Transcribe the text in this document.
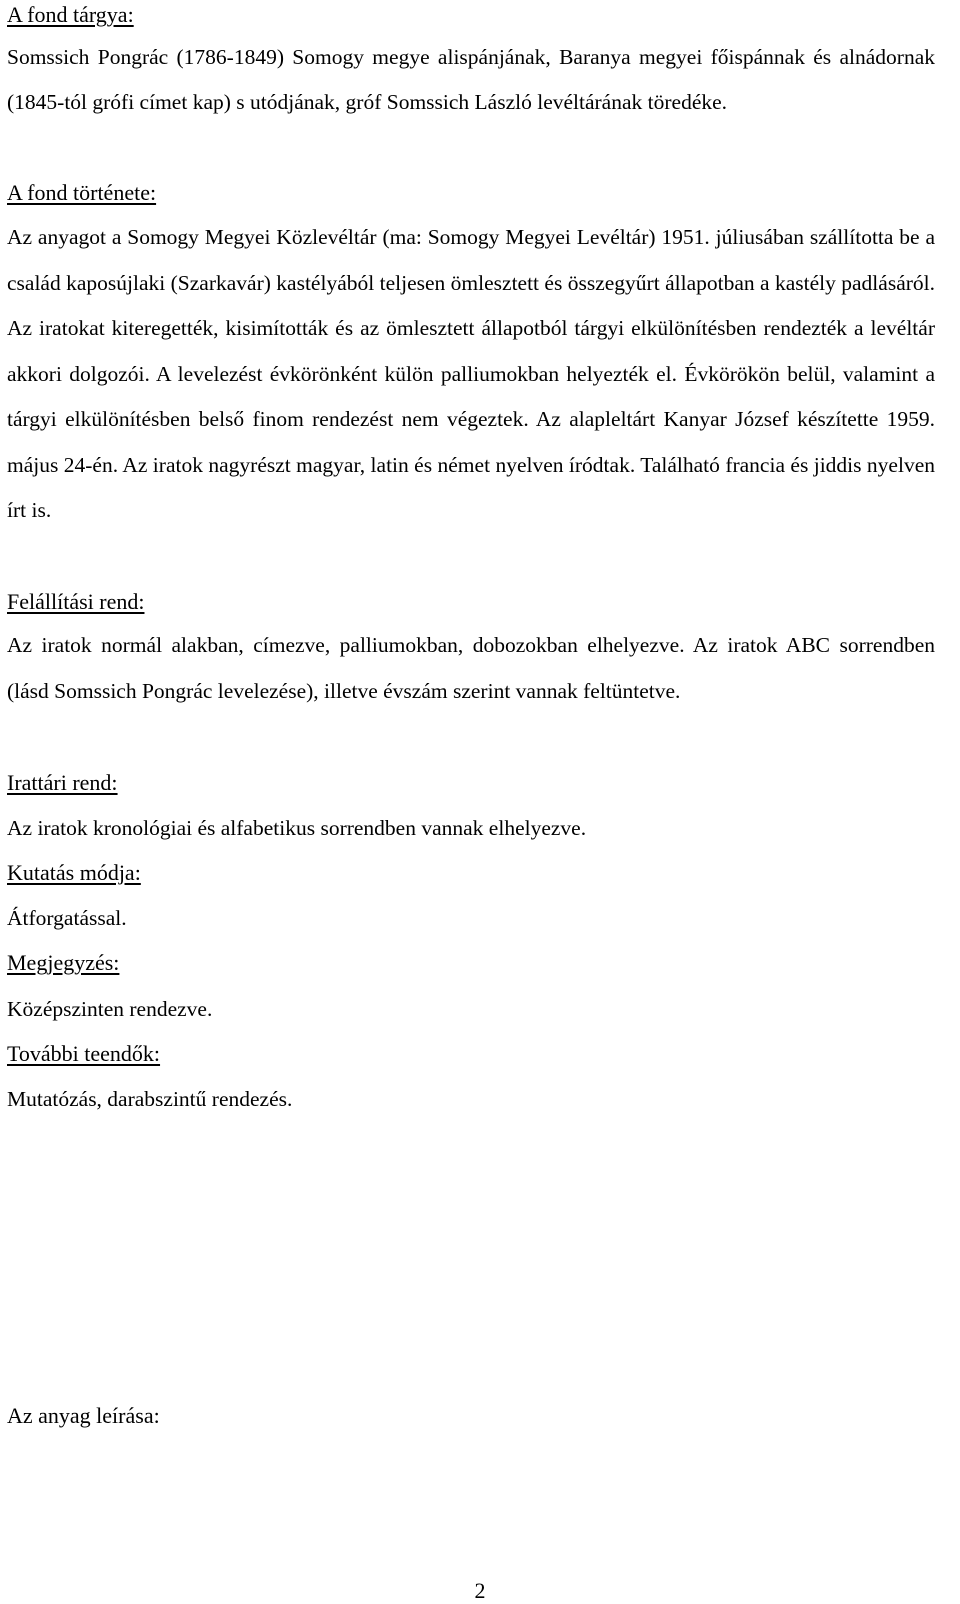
A fond tárgya:

Somssich Pongrác (1786-1849) Somogy megye alispánjának, Baranya megyei főispánnak és alnádornak (1845-tól grófi címet kap) s utódjának, gróf Somssich László levéltárának töredéke.

A fond története:

Az anyagot a Somogy Megyei Közlevéltár (ma: Somogy Megyei Levéltár) 1951. júliusában szállította be a család kaposújlaki (Szarkavár) kastélyából teljesen ömlesztett és összegyűrt állapotban a kastély padlásáról. Az iratokat kiteregették, kisimították és az ömlesztett állapotból tárgyi elkülönítésben rendezték a levéltár akkori dolgozói. A levelezést évkörönként külön palliumokban helyezték el. Évkörökön belül, valamint a tárgyi elkülönítésben belső finom rendezést nem végeztek. Az alapleltárt Kanyar József készítette 1959. május 24-én. Az iratok nagyrészt magyar, latin és német nyelven íródtak. Található francia és jiddis nyelven írt is.

Felállítási rend:

Az iratok normál alakban, címezve, palliumokban, dobozokban elhelyezve. Az iratok ABC sorrendben (lásd Somssich Pongrác levelezése), illetve évszám szerint vannak feltüntetve.

Irattári rend:

Az iratok kronológiai és alfabetikus sorrendben vannak elhelyezve.

Kutatás módja:

Átforgatással.

Megjegyzés:

Középszinten rendezve.

További teendők:

Mutatózás, darabszintű rendezés.

Az anyag leírása:

2
